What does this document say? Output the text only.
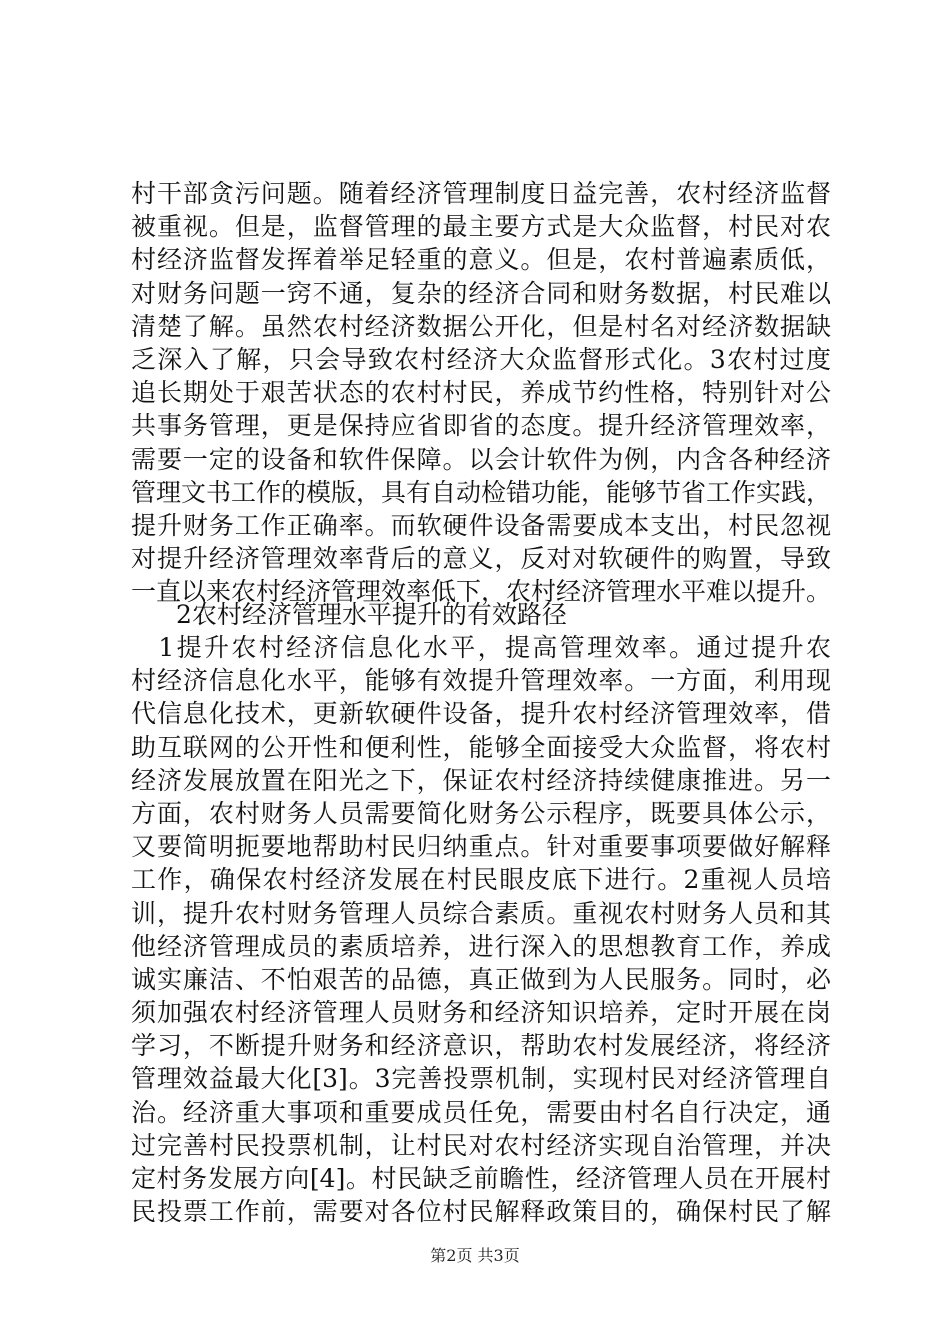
村干部贪污问题。随着经济管理制度日益完善，农村经济监督
被重视。但是，监督管理的最主要方式是大众监督，村民对农
村经济监督发挥着举足轻重的意义。但是，农村普遍素质低，
对财务问题一窍不通，复杂的经济合同和财务数据，村民难以
清楚了解。虽然农村经济数据公开化，但是村名对经济数据缺
乏深入了解，只会导致农村经济大众监督形式化。3农村过度
追长期处于艰苦状态的农村村民，养成节约性格，特别针对公
共事务管理，更是保持应省即省的态度。提升经济管理效率，
需要一定的设备和软件保障。以会计软件为例，内含各种经济
管理文书工作的模版，具有自动检错功能，能够节省工作实践，
提升财务工作正确率。而软硬件设备需要成本支出，村民忽视
对提升经济管理效率背后的意义，反对对软硬件的购置，导致
一直以来农村经济管理效率低下，农村经济管理水平难以提升。
2农村经济管理水平提升的有效路径
　1提升农村经济信息化水平，提高管理效率。通过提升农
村经济信息化水平，能够有效提升管理效率。一方面，利用现
代信息化技术，更新软硬件设备，提升农村经济管理效率，借
助互联网的公开性和便利性，能够全面接受大众监督，将农村
经济发展放置在阳光之下，保证农村经济持续健康推进。另一
方面，农村财务人员需要简化财务公示程序，既要具体公示，
又要简明扼要地帮助村民归纳重点。针对重要事项要做好解释
工作，确保农村经济发展在村民眼皮底下进行。2重视人员培
训，提升农村财务管理人员综合素质。重视农村财务人员和其
他经济管理成员的素质培养，进行深入的思想教育工作，养成
诚实廉洁、不怕艰苦的品德，真正做到为人民服务。同时，必
须加强农村经济管理人员财务和经济知识培养，定时开展在岗
学习，不断提升财务和经济意识，帮助农村发展经济，将经济
管理效益最大化[3]。3完善投票机制，实现村民对经济管理自
治。经济重大事项和重要成员任免，需要由村名自行决定，通
过完善村民投票机制，让村民对农村经济实现自治管理，并决
定村务发展方向[4]。村民缺乏前瞻性，经济管理人员在开展村
民投票工作前，需要对各位村民解释政策目的，确保村民了解
第2页 共3页
